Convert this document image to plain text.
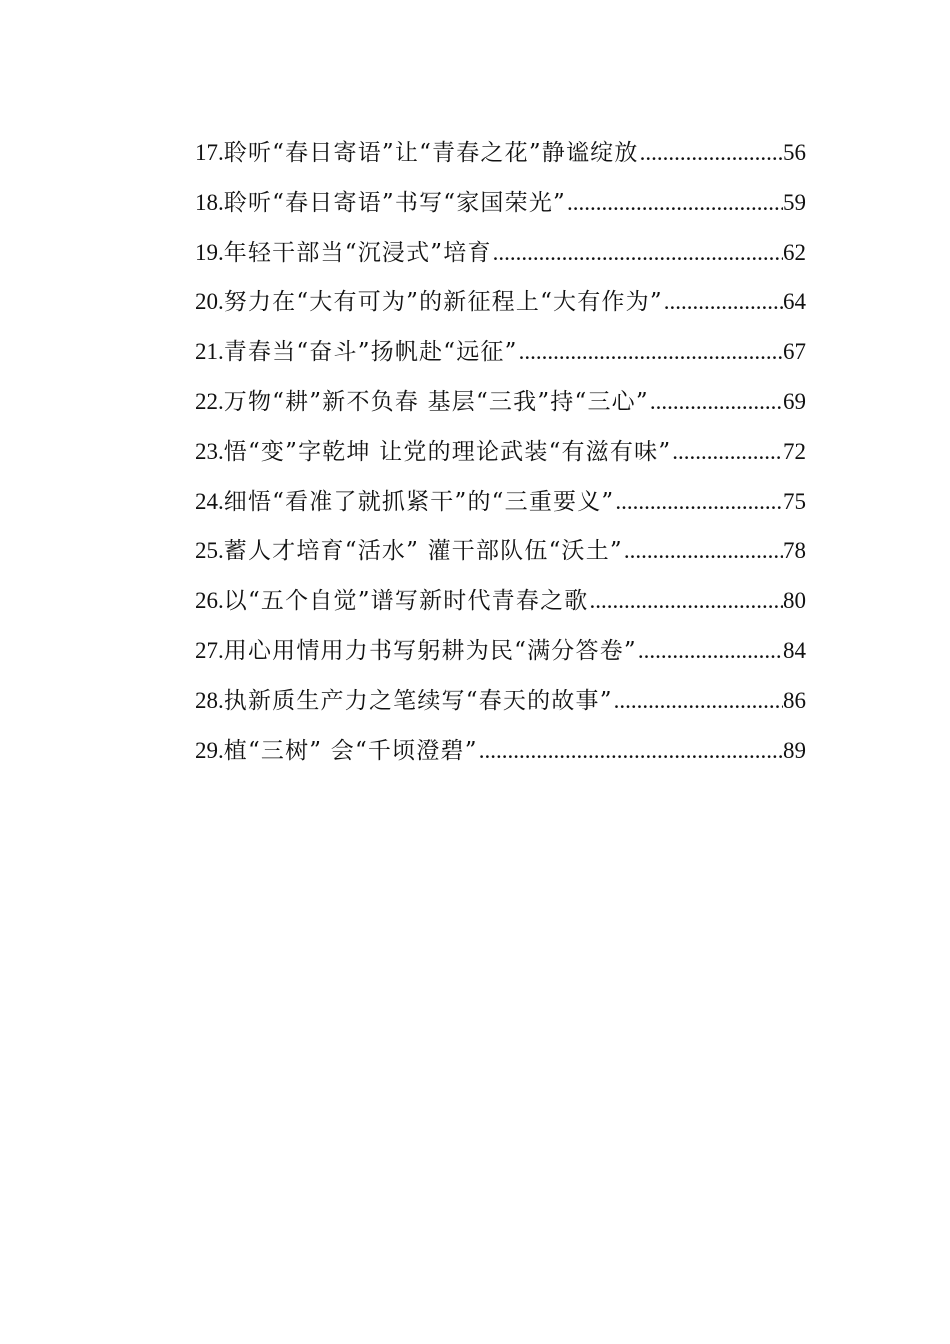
17. 聆听“春日寄语”让“青春之花”静谧绽放 .....	56
18. 聆听“春日寄语”书写“家国荣光” .....	59
19. 年轻干部当“沉浸式”培育 .....	62
20. 努力在“大有可为”的新征程上“大有作为” .....	64
21. 青春当“奋斗”扬帆赴“远征” .....	67
22. 万物“耕”新不负春 基层“三我”持“三心” .....	69
23. 悟“变”字乾坤 让党的理论武装“有滋有味” .....	72
24. 细悟“看准了就抓紧干”的“三重要义” .....	75
25. 蓄人才培育“活水” 灌干部队伍“沃土” .....	78
26. 以“五个自觉”谱写新时代青春之歌 .....	80
27. 用心用情用力书写躬耕为民“满分答卷” .....	84
28. 执新质生产力之笔续写“春天的故事” .....	86
29. 植“三树” 会“千顷澄碧” .....	89
